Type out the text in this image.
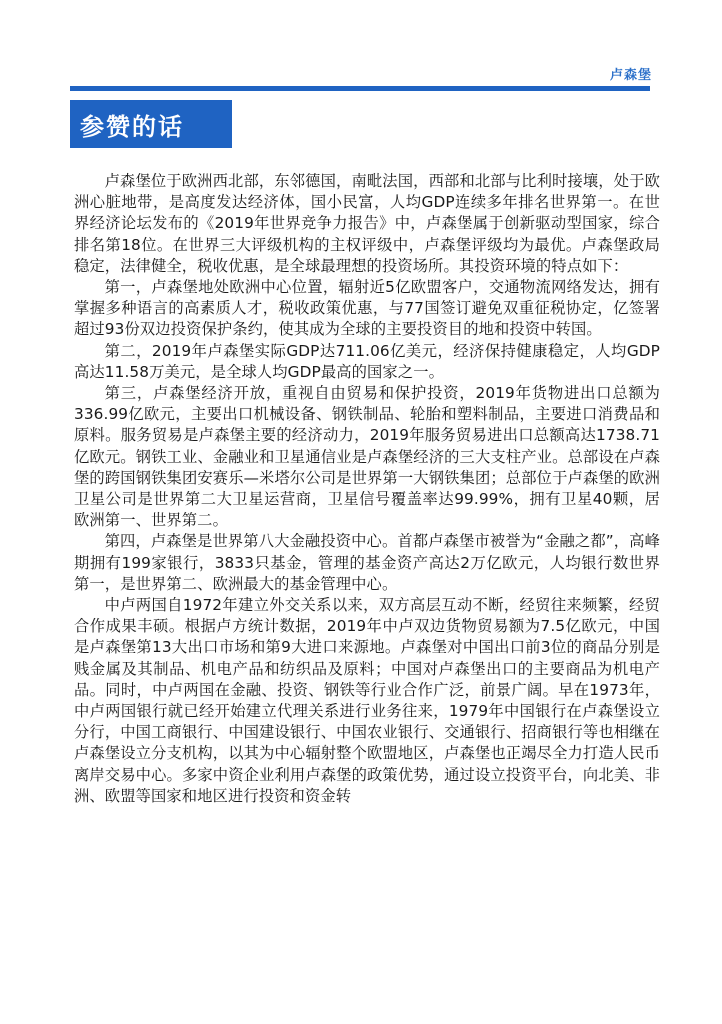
卢森堡
参赞的话

卢森堡位于欧洲西北部，东邻德国，南毗法国，西部和北部与比利时接壤，处于欧洲心脏地带，是高度发达经济体，国小民富，人均GDP连续多年排名世界第一。在世界经济论坛发布的《2019年世界竞争力报告》中，卢森堡属于创新驱动型国家，综合排名第18位。在世界三大评级机构的主权评级中，卢森堡评级均为最优。卢森堡政局稳定，法律健全，税收优惠，是全球最理想的投资场所。其投资环境的特点如下：

第一，卢森堡地处欧洲中心位置，辐射近5亿欧盟客户，交通物流网络发达，拥有掌握多种语言的高素质人才，税收政策优惠，与77国签订避免双重征税协定，亿签署超过93份双边投资保护条约，使其成为全球的主要投资目的地和投资中转国。

第二，2019年卢森堡实际GDP达711.06亿美元，经济保持健康稳定，人均GDP高达11.58万美元，是全球人均GDP最高的国家之一。

第三，卢森堡经济开放，重视自由贸易和保护投资，2019年货物进出口总额为336.99亿欧元，主要出口机械设备、钢铁制品、轮胎和塑料制品，主要进口消费品和原料。服务贸易是卢森堡主要的经济动力，2019年服务贸易进出口总额高达1738.71亿欧元。钢铁工业、金融业和卫星通信业是卢森堡经济的三大支柱产业。总部设在卢森堡的跨国钢铁集团安赛乐—米塔尔公司是世界第一大钢铁集团；总部位于卢森堡的欧洲卫星公司是世界第二大卫星运营商，卫星信号覆盖率达99.99%，拥有卫星40颗，居欧洲第一、世界第二。

第四，卢森堡是世界第八大金融投资中心。首都卢森堡市被誉为“金融之都”，高峰期拥有199家银行，3833只基金，管理的基金资产高达2万亿欧元，人均银行数世界第一，是世界第二、欧洲最大的基金管理中心。

中卢两国自1972年建立外交关系以来，双方高层互动不断，经贸往来频繁，经贸合作成果丰硕。根据卢方统计数据，2019年中卢双边货物贸易额为7.5亿欧元，中国是卢森堡第13大出口市场和第9大进口来源地。卢森堡对中国出口前3位的商品分别是贱金属及其制品、机电产品和纺织品及原料；中国对卢森堡出口的主要商品为机电产品。同时，中卢两国在金融、投资、钢铁等行业合作广泛，前景广阔。早在1973年，中卢两国银行就已经开始建立代理关系进行业务往来，1979年中国银行在卢森堡设立分行，中国工商银行、中国建设银行、中国农业银行、交通银行、招商银行等也相继在卢森堡设立分支机构，以其为中心辐射整个欧盟地区，卢森堡也正竭尽全力打造人民币离岸交易中心。多家中资企业利用卢森堡的政策优势，通过设立投资平台，向北美、非洲、欧盟等国家和地区进行投资和资金转
